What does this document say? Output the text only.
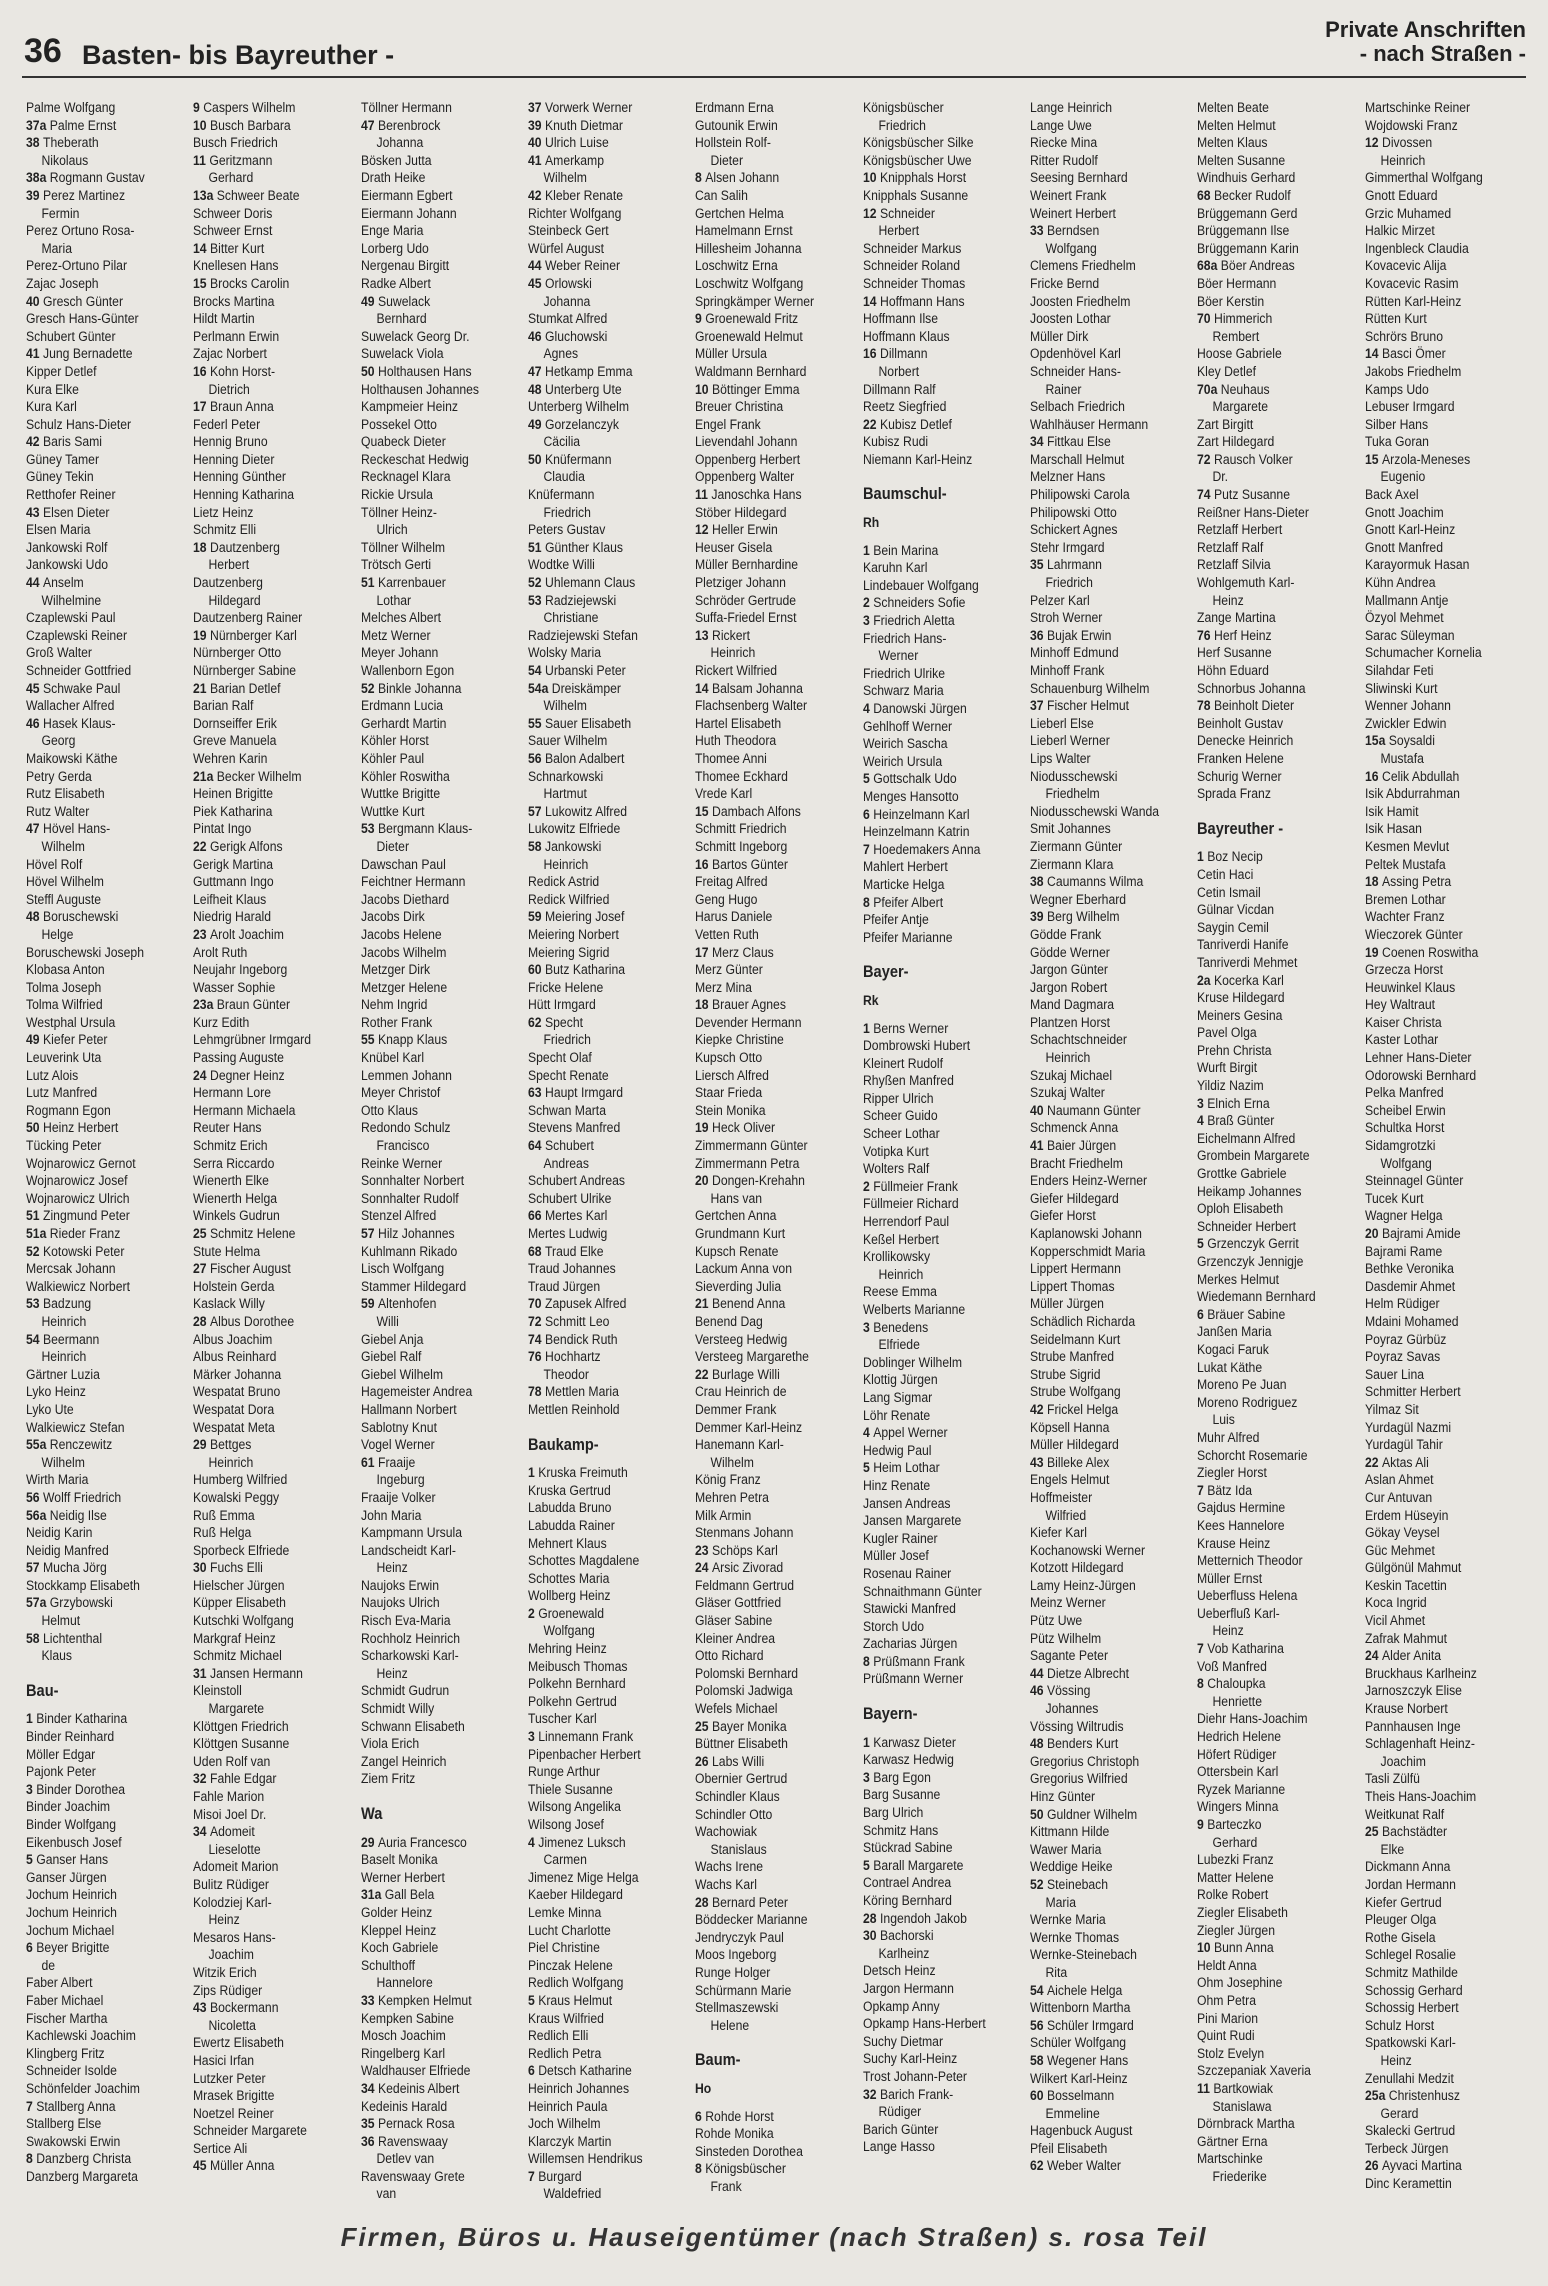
36 Basten- bis Bayreuther -
Private Anschriften
- nach Straßen -
Palme Wolfgang
37a Palme Ernst
38 Theberath
Nikolaus
38a Rogmann Gustav
39 Perez Martinez
Fermin
Perez Ortuno Rosa-
Maria
Perez-Ortuno Pilar
Zajac Joseph
40 Gresch Günter
Gresch Hans-Günter
Schubert Günter
41 Jung Bernadette
Kipper Detlef
Kura Elke
Kura Karl
Schulz Hans-Dieter
42 Baris Sami
Güney Tamer
Güney Tekin
Retthofer Reiner
43 Elsen Dieter
Elsen Maria
Jankowski Rolf
Jankowski Udo
44 Anselm
Wilhelmine
Czaplewski Paul
Czaplewski Reiner
Groß Walter
Schneider Gottfried
45 Schwake Paul
Wallacher Alfred
46 Hasek Klaus-
Georg
Maikowski Käthe
Petry Gerda
Rutz Elisabeth
Rutz Walter
47 Hövel Hans-
Wilhelm
Hövel Rolf
Hövel Wilhelm
Steffl Auguste
48 Boruschewski
Helge
Boruschewski Joseph
Klobasa Anton
Tolma Joseph
Tolma Wilfried
Westphal Ursula
49 Kiefer Peter
Leuverink Uta
Lutz Alois
Lutz Manfred
Rogmann Egon
50 Heinz Herbert
Tücking Peter
Wojnarowicz Gernot
Wojnarowicz Josef
Wojnarowicz Ulrich
51 Zingmund Peter
51a Rieder Franz
52 Kotowski Peter
Mercsak Johann
Walkiewicz Norbert
53 Badzung
Heinrich
54 Beermann
Heinrich
Gärtner Luzia
Lyko Heinz
Lyko Ute
Walkiewicz Stefan
55a Renczewitz
Wilhelm
Wirth Maria
56 Wolff Friedrich
56a Neidig Ilse
Neidig Karin
Neidig Manfred
57 Mucha Jörg
Stockkamp Elisabeth
57a Grzybowski
Helmut
58 Lichtenthal
Klaus
Bau-
1 Binder Katharina
Binder Reinhard
Möller Edgar
Pajonk Peter
3 Binder Dorothea
Binder Joachim
Binder Wolfgang
Eikenbusch Josef
5 Ganser Hans
Ganser Jürgen
Jochum Heinrich
Jochum Heinrich
Jochum Michael
6 Beyer Brigitte
de
Faber Albert
Faber Michael
Fischer Martha
Kachlewski Joachim
Klingberg Fritz
Schneider Isolde
Schönfelder Joachim
7 Stallberg Anna
Stallberg Else
Swakowski Erwin
8 Danzberg Christa
Danzberg Margareta
9 Caspers Wilhelm
10 Busch Barbara
Busch Friedrich
11 Geritzmann
Gerhard
13a Schweer Beate
Schweer Doris
Schweer Ernst
14 Bitter Kurt
Knellesen Hans
15 Brocks Carolin
Brocks Martina
Hildt Martin
Perlmann Erwin
Zajac Norbert
16 Kohn Horst-
Dietrich
17 Braun Anna
Federl Peter
Hennig Bruno
Henning Dieter
Henning Günther
Henning Katharina
Lietz Heinz
Schmitz Elli
18 Dautzenberg
Herbert
Dautzenberg
Hildegard
Dautzenberg Rainer
19 Nürnberger Karl
Nürnberger Otto
Nürnberger Sabine
21 Barian Detlef
Barian Ralf
Dornseiffer Erik
Greve Manuela
Wehren Karin
21a Becker Wilhelm
Heinen Brigitte
Piek Katharina
Pintat Ingo
22 Gerigk Alfons
Gerigk Martina
Guttmann Ingo
Leifheit Klaus
Niedrig Harald
23 Arolt Joachim
Arolt Ruth
Neujahr Ingeborg
Wasser Sophie
23a Braun Günter
Kurz Edith
Lehmgrübner Irmgard
Passing Auguste
24 Degner Heinz
Hermann Lore
Hermann Michaela
Reuter Hans
Schmitz Erich
Serra Riccardo
Wienerth Elke
Wienerth Helga
Winkels Gudrun
25 Schmitz Helene
Stute Helma
27 Fischer August
Holstein Gerda
Kaslack Willy
28 Albus Dorothee
Albus Joachim
Albus Reinhard
Märker Johanna
Wespatat Bruno
Wespatat Dora
Wespatat Meta
29 Bettges
Heinrich
Humberg Wilfried
Kowalski Peggy
Ruß Emma
Ruß Helga
Sporbeck Elfriede
30 Fuchs Elli
Hielscher Jürgen
Küpper Elisabeth
Kutschki Wolfgang
Markgraf Heinz
Schmitz Michael
31 Jansen Hermann
Kleinstoll
Margarete
Klöttgen Friedrich
Klöttgen Susanne
Uden Rolf van
32 Fahle Edgar
Fahle Marion
Misoi Joel Dr.
34 Adomeit
Lieselotte
Adomeit Marion
Bulitz Rüdiger
Kolodziej Karl-
Heinz
Mesaros Hans-
Joachim
Witzik Erich
Zips Rüdiger
43 Bockermann
Nicoletta
Ewertz Elisabeth
Hasici Irfan
Lutzker Peter
Mrasek Brigitte
Noetzel Reiner
Schneider Margarete
Sertice Ali
45 Müller Anna
Töllner Hermann
47 Berenbrock
Johanna
Bösken Jutta
Drath Heike
Eiermann Egbert
Eiermann Johann
Enge Maria
Lorberg Udo
Nergenau Birgitt
Radke Albert
49 Suwelack
Bernhard
Suwelack Georg Dr.
Suwelack Viola
50 Holthausen Hans
Holthausen Johannes
Kampmeier Heinz
Possekel Otto
Quabeck Dieter
Reckeschat Hedwig
Recknagel Klara
Rickie Ursula
Töllner Heinz-
Ulrich
Töllner Wilhelm
Trötsch Gerti
51 Karrenbauer
Lothar
Melches Albert
Metz Werner
Meyer Johann
Wallenborn Egon
52 Binkle Johanna
Erdmann Lucia
Gerhardt Martin
Köhler Horst
Köhler Paul
Köhler Roswitha
Wuttke Brigitte
Wuttke Kurt
53 Bergmann Klaus-
Dieter
Dawschan Paul
Feichtner Hermann
Jacobs Diethard
Jacobs Dirk
Jacobs Helene
Jacobs Wilhelm
Metzger Dirk
Metzger Helene
Nehm Ingrid
Rother Frank
55 Knapp Klaus
Knübel Karl
Lemmen Johann
Meyer Christof
Otto Klaus
Redondo Schulz
Francisco
Reinke Werner
Sonnhalter Norbert
Sonnhalter Rudolf
Stenzel Alfred
57 Hilz Johannes
Kuhlmann Rikado
Lisch Wolfgang
Stammer Hildegard
59 Altenhofen
Willi
Giebel Anja
Giebel Ralf
Giebel Wilhelm
Hagemeister Andrea
Hallmann Norbert
Sablotny Knut
Vogel Werner
61 Fraaije
Ingeburg
Fraaije Volker
John Maria
Kampmann Ursula
Landscheidt Karl-
Heinz
Naujoks Erwin
Naujoks Ulrich
Risch Eva-Maria
Rochholz Heinrich
Scharkowski Karl-
Heinz
Schmidt Gudrun
Schmidt Willy
Schwann Elisabeth
Viola Erich
Zangel Heinrich
Ziem Fritz
Wa
29 Auria Francesco
Baselt Monika
Werner Herbert
31a Gall Bela
Golder Heinz
Kleppel Heinz
Koch Gabriele
Schulthoff
Hannelore
33 Kempken Helmut
Kempken Sabine
Mosch Joachim
Ringelberg Karl
Waldhauser Elfriede
34 Kedeinis Albert
Kedeinis Harald
35 Pernack Rosa
36 Ravenswaay
Detlev van
Ravenswaay Grete
van
37 Vorwerk Werner
39 Knuth Dietmar
40 Ulrich Luise
41 Amerkamp
Wilhelm
42 Kleber Renate
Richter Wolfgang
Steinbeck Gert
Würfel August
44 Weber Reiner
45 Orlowski
Johanna
Stumkat Alfred
46 Gluchowski
Agnes
47 Hetkamp Emma
48 Unterberg Ute
Unterberg Wilhelm
49 Gorzelanczyk
Cäcilia
50 Knüfermann
Claudia
Knüfermann
Friedrich
Peters Gustav
51 Günther Klaus
Wodtke Willi
52 Uhlemann Claus
53 Radziejewski
Christiane
Radziejewski Stefan
Wolsky Maria
54 Urbanski Peter
54a Dreiskämper
Wilhelm
55 Sauer Elisabeth
Sauer Wilhelm
56 Balon Adalbert
Schnarkowski
Hartmut
57 Lukowitz Alfred
Lukowitz Elfriede
58 Jankowski
Heinrich
Redick Astrid
Redick Wilfried
59 Meiering Josef
Meiering Norbert
Meiering Sigrid
60 Butz Katharina
Fricke Helene
Hütt Irmgard
62 Specht
Friedrich
Specht Olaf
Specht Renate
63 Haupt Irmgard
Schwan Marta
Stevens Manfred
64 Schubert
Andreas
Schubert Andreas
Schubert Ulrike
66 Mertes Karl
Mertes Ludwig
68 Traud Elke
Traud Johannes
Traud Jürgen
70 Zapusek Alfred
72 Schmitt Leo
74 Bendick Ruth
76 Hochhartz
Theodor
78 Mettlen Maria
Mettlen Reinhold
Baukamp-
1 Kruska Freimuth
Kruska Gertrud
Labudda Bruno
Labudda Rainer
Mehnert Klaus
Schottes Magdalene
Schottes Maria
Wollberg Heinz
2 Groenewald
Wolfgang
Mehring Heinz
Meibusch Thomas
Polkehn Bernhard
Polkehn Gertrud
Tuscher Karl
3 Linnemann Frank
Pipenbacher Herbert
Runge Arthur
Thiele Susanne
Wilsong Angelika
Wilsong Josef
4 Jimenez Luksch
Carmen
Jimenez Mige Helga
Kaeber Hildegard
Lemke Minna
Lucht Charlotte
Piel Christine
Pinczak Helene
Redlich Wolfgang
5 Kraus Helmut
Kraus Wilfried
Redlich Elli
Redlich Petra
6 Detsch Katharine
Heinrich Johannes
Heinrich Paula
Joch Wilhelm
Klarczyk Martin
Willemsen Hendrikus
7 Burgard
Waldefried
Erdmann Erna
Gutounik Erwin
Hollstein Rolf-
Dieter
8 Alsen Johann
Can Salih
Gertchen Helma
Hamelmann Ernst
Hillesheim Johanna
Loschwitz Erna
Loschwitz Wolfgang
Springkämper Werner
9 Groenewald Fritz
Groenewald Helmut
Müller Ursula
Waldmann Bernhard
10 Böttinger Emma
Breuer Christina
Engel Frank
Lievendahl Johann
Oppenberg Herbert
Oppenberg Walter
11 Janoschka Hans
Stöber Hildegard
12 Heller Erwin
Heuser Gisela
Müller Bernhardine
Pletziger Johann
Schröder Gertrude
Suffa-Friedel Ernst
13 Rickert
Heinrich
Rickert Wilfried
14 Balsam Johanna
Flachsenberg Walter
Hartel Elisabeth
Huth Theodora
Thomee Anni
Thomee Eckhard
Vrede Karl
15 Dambach Alfons
Schmitt Friedrich
Schmitt Ingeborg
16 Bartos Günter
Freitag Alfred
Geng Hugo
Harus Daniele
Vetten Ruth
17 Merz Claus
Merz Günter
Merz Mina
18 Brauer Agnes
Devender Hermann
Kiepke Christine
Kupsch Otto
Liersch Alfred
Staar Frieda
Stein Monika
19 Heck Oliver
Zimmermann Günter
Zimmermann Petra
20 Dongen-Krehahn
Hans van
Gertchen Anna
Grundmann Kurt
Kupsch Renate
Lackum Anna von
Sieverding Julia
21 Benend Anna
Benend Dag
Versteeg Hedwig
Versteeg Margarethe
22 Burlage Willi
Crau Heinrich de
Demmer Frank
Demmer Karl-Heinz
Hanemann Karl-
Wilhelm
König Franz
Mehren Petra
Milk Armin
Stenmans Johann
23 Schöps Karl
24 Arsic Zivorad
Feldmann Gertrud
Gläser Gottfried
Gläser Sabine
Kleiner Andrea
Otto Richard
Polomski Bernhard
Polomski Jadwiga
Wefels Michael
25 Bayer Monika
Büttner Elisabeth
26 Labs Willi
Obernier Gertrud
Schindler Klaus
Schindler Otto
Wachowiak
Stanislaus
Wachs Irene
Wachs Karl
28 Bernard Peter
Böddecker Marianne
Jendryczyk Paul
Moos Ingeborg
Runge Holger
Schürmann Marie
Stellmaszewski
Helene
Baum-
Ho
6 Rohde Horst
Rohde Monika
Sinsteden Dorothea
8 Königsbüscher
Frank
Königsbüscher
Friedrich
Königsbüscher Silke
Königsbüscher Uwe
10 Knipphals Horst
Knipphals Susanne
12 Schneider
Herbert
Schneider Markus
Schneider Roland
Schneider Thomas
14 Hoffmann Hans
Hoffmann Ilse
Hoffmann Klaus
16 Dillmann
Norbert
Dillmann Ralf
Reetz Siegfried
22 Kubisz Detlef
Kubisz Rudi
Niemann Karl-Heinz
Baumschul-
Rh
1 Bein Marina
Karuhn Karl
Lindebauer Wolfgang
2 Schneiders Sofie
3 Friedrich Aletta
Friedrich Hans-
Werner
Friedrich Ulrike
Schwarz Maria
4 Danowski Jürgen
Gehlhoff Werner
Weirich Sascha
Weirich Ursula
5 Gottschalk Udo
Menges Hansotto
6 Heinzelmann Karl
Heinzelmann Katrin
7 Hoedemakers Anna
Mahlert Herbert
Marticke Helga
8 Pfeifer Albert
Pfeifer Antje
Pfeifer Marianne
Bayer-
Rk
1 Berns Werner
Dombrowski Hubert
Kleinert Rudolf
Rhyßen Manfred
Ripper Ulrich
Scheer Guido
Scheer Lothar
Votipka Kurt
Wolters Ralf
2 Füllmeier Frank
Füllmeier Richard
Herrendorf Paul
Keßel Herbert
Krollikowsky
Heinrich
Reese Emma
Welberts Marianne
3 Benedens
Elfriede
Doblinger Wilhelm
Klottig Jürgen
Lang Sigmar
Löhr Renate
4 Appel Werner
Hedwig Paul
5 Heim Lothar
Hinz Renate
Jansen Andreas
Jansen Margarete
Kugler Rainer
Müller Josef
Rosenau Rainer
Schnaithmann Günter
Stawicki Manfred
Storch Udo
Zacharias Jürgen
8 Prüßmann Frank
Prüßmann Werner
Bayern-
1 Karwasz Dieter
Karwasz Hedwig
3 Barg Egon
Barg Susanne
Barg Ulrich
Schmitz Hans
Stückrad Sabine
5 Barall Margarete
Contrael Andrea
Köring Bernhard
28 Ingendoh Jakob
30 Bachorski
Karlheinz
Detsch Heinz
Jargon Hermann
Opkamp Anny
Opkamp Hans-Herbert
Suchy Dietmar
Suchy Karl-Heinz
Trost Johann-Peter
32 Barich Frank-
Rüdiger
Barich Günter
Lange Hasso
Lange Heinrich
Lange Uwe
Riecke Mina
Ritter Rudolf
Seesing Bernhard
Weinert Frank
Weinert Herbert
33 Berndsen
Wolfgang
Clemens Friedhelm
Fricke Bernd
Joosten Friedhelm
Joosten Lothar
Müller Dirk
Opdenhövel Karl
Schneider Hans-
Rainer
Selbach Friedrich
Wahlhäuser Hermann
34 Fittkau Else
Marschall Helmut
Melzner Hans
Philipowski Carola
Philipowski Otto
Schickert Agnes
Stehr Irmgard
35 Lahrmann
Friedrich
Pelzer Karl
Stroh Werner
36 Bujak Erwin
Minhoff Edmund
Minhoff Frank
Schauenburg Wilhelm
37 Fischer Helmut
Lieberl Else
Lieberl Werner
Lips Walter
Niodusschewski
Friedhelm
Niodusschewski Wanda
Smit Johannes
Ziermann Günter
Ziermann Klara
38 Caumanns Wilma
Wegner Eberhard
39 Berg Wilhelm
Gödde Frank
Gödde Werner
Jargon Günter
Jargon Robert
Mand Dagmara
Plantzen Horst
Schachtschneider
Heinrich
Szukaj Michael
Szukaj Walter
40 Naumann Günter
Schmenck Anna
41 Baier Jürgen
Bracht Friedhelm
Enders Heinz-Werner
Giefer Hildegard
Giefer Horst
Kaplanowski Johann
Kopperschmidt Maria
Lippert Hermann
Lippert Thomas
Müller Jürgen
Schädlich Richarda
Seidelmann Kurt
Strube Manfred
Strube Sigrid
Strube Wolfgang
42 Frickel Helga
Köpsell Hanna
Müller Hildegard
43 Billeke Alex
Engels Helmut
Hoffmeister
Wilfried
Kiefer Karl
Kochanowski Werner
Kotzott Hildegard
Lamy Heinz-Jürgen
Meinz Werner
Pütz Uwe
Pütz Wilhelm
Sagante Peter
44 Dietze Albrecht
46 Vössing
Johannes
Vössing Wiltrudis
48 Benders Kurt
Gregorius Christoph
Gregorius Wilfried
Hinz Günter
50 Guldner Wilhelm
Kittmann Hilde
Wawer Maria
Weddige Heike
52 Steinebach
Maria
Wernke Maria
Wernke Thomas
Wernke-Steinebach
Rita
54 Aichele Helga
Wittenborn Martha
56 Schüler Irmgard
Schüler Wolfgang
58 Wegener Hans
Wilkert Karl-Heinz
60 Bosselmann
Emmeline
Hagenbuck August
Pfeil Elisabeth
62 Weber Walter
Melten Beate
Melten Helmut
Melten Klaus
Melten Susanne
Windhuis Gerhard
68 Becker Rudolf
Brüggemann Gerd
Brüggemann Ilse
Brüggemann Karin
68a Böer Andreas
Böer Hermann
Böer Kerstin
70 Himmerich
Rembert
Hoose Gabriele
Kley Detlef
70a Neuhaus
Margarete
Zart Birgitt
Zart Hildegard
72 Rausch Volker
Dr.
74 Putz Susanne
Reißner Hans-Dieter
Retzlaff Herbert
Retzlaff Ralf
Retzlaff Silvia
Wohlgemuth Karl-
Heinz
Zange Martina
76 Herf Heinz
Herf Susanne
Höhn Eduard
Schnorbus Johanna
78 Beinholt Dieter
Beinholt Gustav
Denecke Heinrich
Franken Helene
Schurig Werner
Sprada Franz
Bayreuther -
1 Boz Necip
Cetin Haci
Cetin Ismail
Gülnar Vicdan
Saygin Cemil
Tanriverdi Hanife
Tanriverdi Mehmet
2a Kocerka Karl
Kruse Hildegard
Meiners Gesina
Pavel Olga
Prehn Christa
Wurft Birgit
Yildiz Nazim
3 Elnich Erna
4 Braß Günter
Eichelmann Alfred
Grombein Margarete
Grottke Gabriele
Heikamp Johannes
Oploh Elisabeth
Schneider Herbert
5 Grzenczyk Gerrit
Grzenczyk Jennigje
Merkes Helmut
Wiedemann Bernhard
6 Bräuer Sabine
Janßen Maria
Kogaci Faruk
Lukat Käthe
Moreno Pe Juan
Moreno Rodriguez
Luis
Muhr Alfred
Schorcht Rosemarie
Ziegler Horst
7 Bätz Ida
Gajdus Hermine
Kees Hannelore
Krause Heinz
Metternich Theodor
Müller Ernst
Ueberfluss Helena
Ueberfluß Karl-
Heinz
7 Vob Katharina
Voß Manfred
8 Chaloupka
Henriette
Diehr Hans-Joachim
Hedrich Helene
Höfert Rüdiger
Ottersbein Karl
Ryzek Marianne
Wingers Minna
9 Barteczko
Gerhard
Lubezki Franz
Matter Helene
Rolke Robert
Ziegler Elisabeth
Ziegler Jürgen
10 Bunn Anna
Heldt Anna
Ohm Josephine
Ohm Petra
Pini Marion
Quint Rudi
Stolz Evelyn
Szczepaniak Xaveria
11 Bartkowiak
Stanislawa
Dörnbrack Martha
Gärtner Erna
Martschinke
Friederike
Martschinke Reiner
Wojdowski Franz
12 Divossen
Heinrich
Gimmerthal Wolfgang
Gnott Eduard
Grzic Muhamed
Halkic Mirzet
Ingenbleck Claudia
Kovacevic Alija
Kovacevic Rasim
Rütten Karl-Heinz
Rütten Kurt
Schrörs Bruno
14 Basci Ömer
Jakobs Friedhelm
Kamps Udo
Lebuser Irmgard
Silber Hans
Tuka Goran
15 Arzola-Meneses
Eugenio
Back Axel
Gnott Joachim
Gnott Karl-Heinz
Gnott Manfred
Karayormuk Hasan
Kühn Andrea
Mallmann Antje
Özyol Mehmet
Sarac Süleyman
Schumacher Kornelia
Silahdar Feti
Sliwinski Kurt
Wenner Johann
Zwickler Edwin
15a Soysaldi
Mustafa
16 Celik Abdullah
Isik Abdurrahman
Isik Hamit
Isik Hasan
Kesmen Mevlut
Peltek Mustafa
18 Assing Petra
Bremen Lothar
Wachter Franz
Wieczorek Günter
19 Coenen Roswitha
Grzecza Horst
Heuwinkel Klaus
Hey Waltraut
Kaiser Christa
Kaster Lothar
Lehner Hans-Dieter
Odorowski Bernhard
Pelka Manfred
Scheibel Erwin
Schultka Horst
Sidamgrotzki
Wolfgang
Steinnagel Günter
Tucek Kurt
Wagner Helga
20 Bajrami Amide
Bajrami Rame
Bethke Veronika
Dasdemir Ahmet
Helm Rüdiger
Mdaini Mohamed
Poyraz Gürbüz
Poyraz Savas
Sauer Lina
Schmitter Herbert
Yilmaz Sit
Yurdagül Nazmi
Yurdagül Tahir
22 Aktas Ali
Aslan Ahmet
Cur Antuvan
Erdem Hüseyin
Gökay Veysel
Güc Mehmet
Gülgönül Mahmut
Keskin Tacettin
Koca Ingrid
Vicil Ahmet
Zafrak Mahmut
24 Alder Anita
Bruckhaus Karlheinz
Jarnoszczyk Elise
Krause Norbert
Pannhausen Inge
Schlagenhaft Heinz-
Joachim
Tasli Zülfü
Theis Hans-Joachim
Weitkunat Ralf
25 Bachstädter
Elke
Dickmann Anna
Jordan Hermann
Kiefer Gertrud
Pleuger Olga
Rothe Gisela
Schlegel Rosalie
Schmitz Mathilde
Schossig Gerhard
Schossig Herbert
Schulz Horst
Spatkowski Karl-
Heinz
Zenullahi Medzit
25a Christenhusz
Gerard
Skalecki Gertrud
Terbeck Jürgen
26 Ayvaci Martina
Dinc Keramettin
Firmen, Büros u. Hauseigentümer (nach Straßen) s. rosa Teil
